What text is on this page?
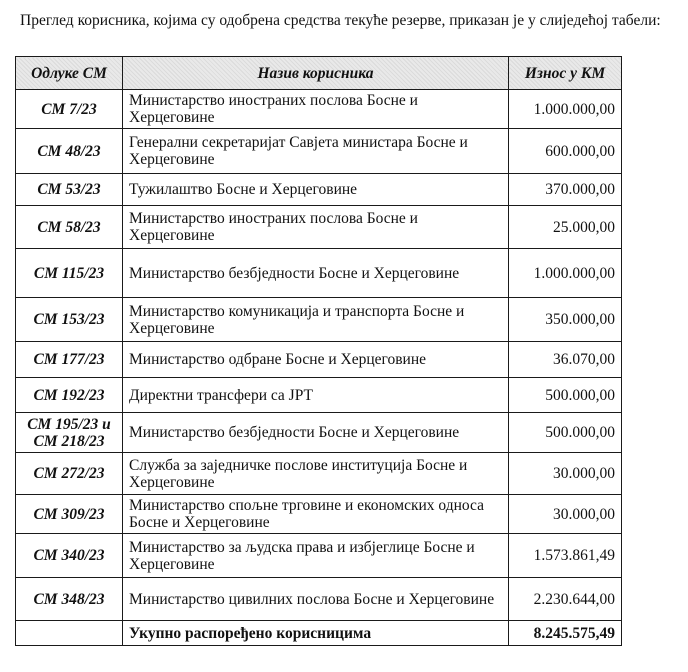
Преглед корисника, којима су одобрена средства текуће резерве, приказан је у слиједећој табели:
Одлуке СМ	Назив корисника	Износ у КМ
СМ 7/23	Министарство иностраних послова Босне и Херцеговине	1.000.000,00
СМ 48/23	Генерални секретаријат Савјета министара Босне и Херцеговине	600.000,00
СМ 53/23	Тужилаштво Босне и Херцеговине	370.000,00
СМ 58/23	Министарство иностраних послова Босне и Херцеговине	25.000,00
СМ 115/23	Министарство безбједности Босне и Херцеговине	1.000.000,00
СМ 153/23	Министарство комуникација и транспорта Босне и Херцеговине	350.000,00
СМ 177/23	Министарство одбране Босне и Херцеговине	36.070,00
СМ 192/23	Директни трансфери са ЈРТ	500.000,00
СМ 195/23 и СМ 218/23	Министарство безбједности Босне и Херцеговине	500.000,00
СМ 272/23	Служба за заједничке послове институција Босне и Херцеговине	30.000,00
СМ 309/23	Министарство спољне трговине и економских односа Босне и Херцеговине	30.000,00
СМ 340/23	Министарство за људска права и избјеглице Босне и Херцеговине	1.573.861,49
СМ 348/23	Министарство цивилних послова Босне и Херцеговине	2.230.644,00
	Укупно распоређено корисницима	8.245.575,49
